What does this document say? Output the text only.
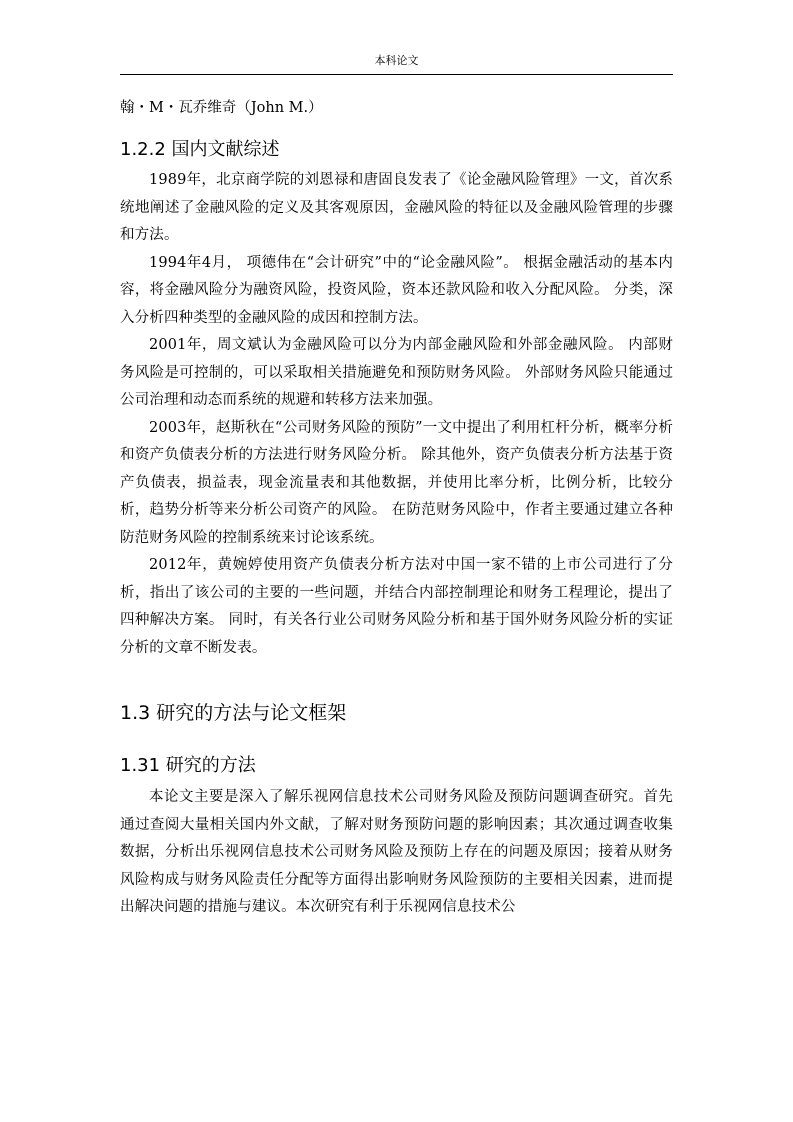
本科论文
翰・M・瓦乔维奇（John M.）
1.2.2 国内文献综述

1989年，北京商学院的刘恩禄和唐固良发表了《论金融风险管理》一文，首次系统地阐述了金融风险的定义及其客观原因，金融风险的特征以及金融风险管理的步骤和方法。

1994年4月， 项德伟在“会计研究”中的“论金融风险”。 根据金融活动的基本内容，将金融风险分为融资风险，投资风险，资本还款风险和收入分配风险。 分类，深入分析四种类型的金融风险的成因和控制方法。

2001年，周文斌认为金融风险可以分为内部金融风险和外部金融风险。 内部财务风险是可控制的，可以采取相关措施避免和预防财务风险。 外部财务风险只能通过公司治理和动态而系统的规避和转移方法来加强。

2003年，赵斯秋在“公司财务风险的预防”一文中提出了利用杠杆分析，概率分析和资产负债表分析的方法进行财务风险分析。 除其他外，资产负债表分析方法基于资产负债表，损益表，现金流量表和其他数据，并使用比率分析，比例分析，比较分析，趋势分析等来分析公司资产的风险。 在防范财务风险中，作者主要通过建立各种防范财务风险的控制系统来讨论该系统。

2012年，黄婉婷使用资产负债表分析方法对中国一家不错的上市公司进行了分析，指出了该公司的主要的一些问题，并结合内部控制理论和财务工程理论，提出了四种解决方案。 同时，有关各行业公司财务风险分析和基于国外财务风险分析的实证分析的文章不断发表。

1.3 研究的方法与论文框架
1.31 研究的方法

本论文主要是深入了解乐视网信息技术公司财务风险及预防问题调查研究。首先通过查阅大量相关国内外文献，了解对财务预防问题的影响因素；其次通过调查收集数据，分析出乐视网信息技术公司财务风险及预防上存在的问题及原因；接着从财务风险构成与财务风险责任分配等方面得出影响财务风险预防的主要相关因素，进而提出解决问题的措施与建议。本次研究有利于乐视网信息技术公
